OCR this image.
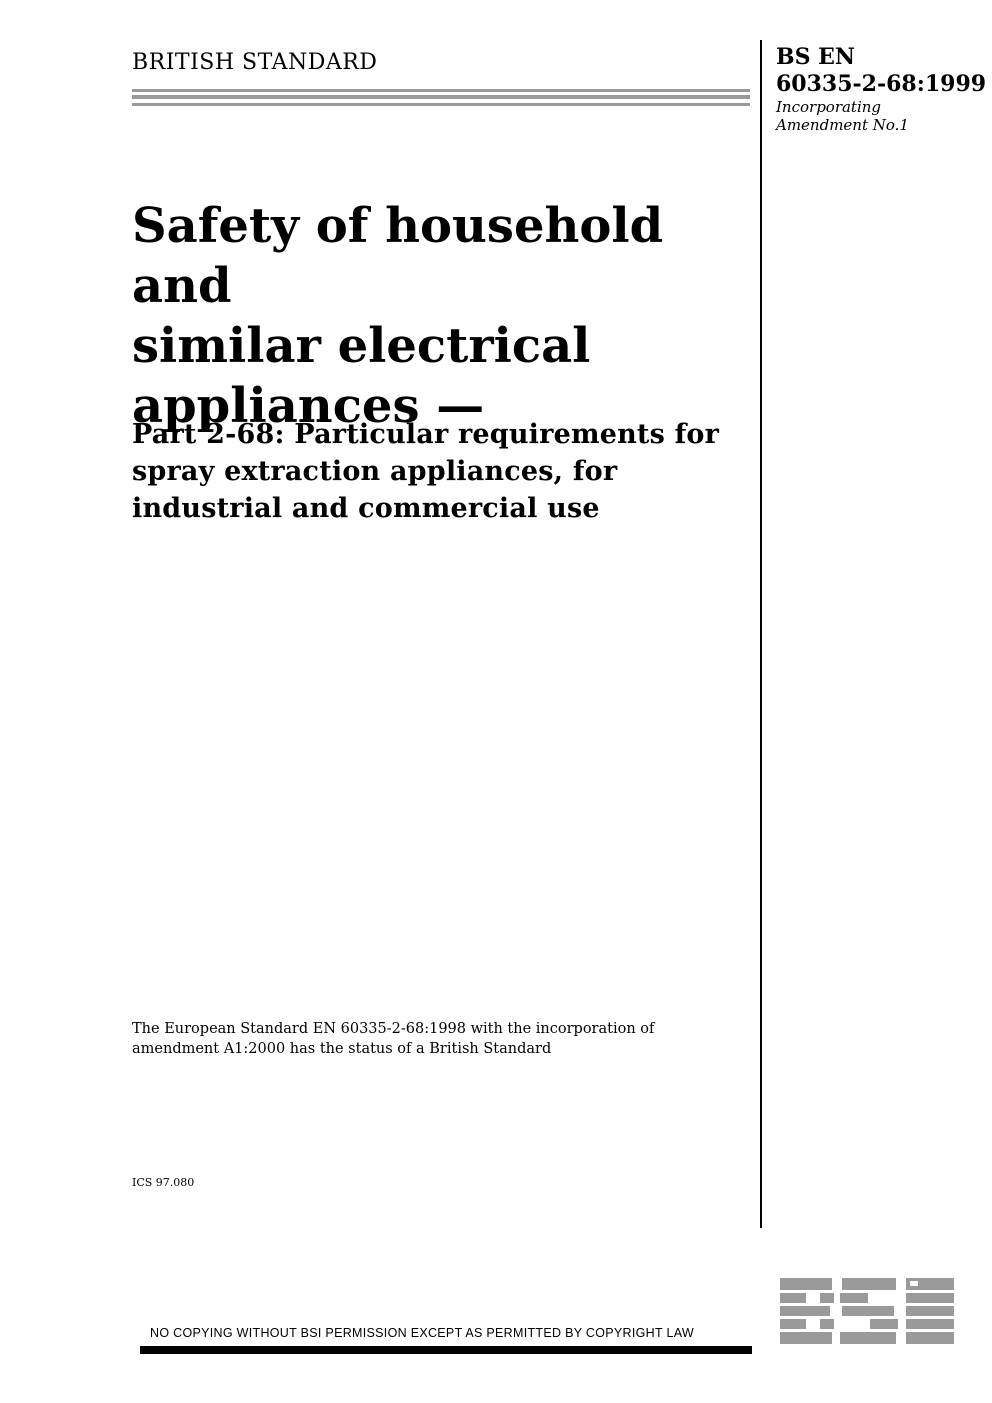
BRITISH STANDARD	BS EN
60335-2-68:1999
Incorporating
Amendment No.1
Safety of household and
similar electrical
appliances —
Part 2-68: Particular requirements for
spray extraction appliances, for
industrial and commercial use
The European Standard EN 60335-2-68:1998 with the incorporation of
amendment A1:2000 has the status of a British Standard
ICS 97.080
NO COPYING WITHOUT BSI PERMISSION EXCEPT AS PERMITTED BY COPYRIGHT LAW
